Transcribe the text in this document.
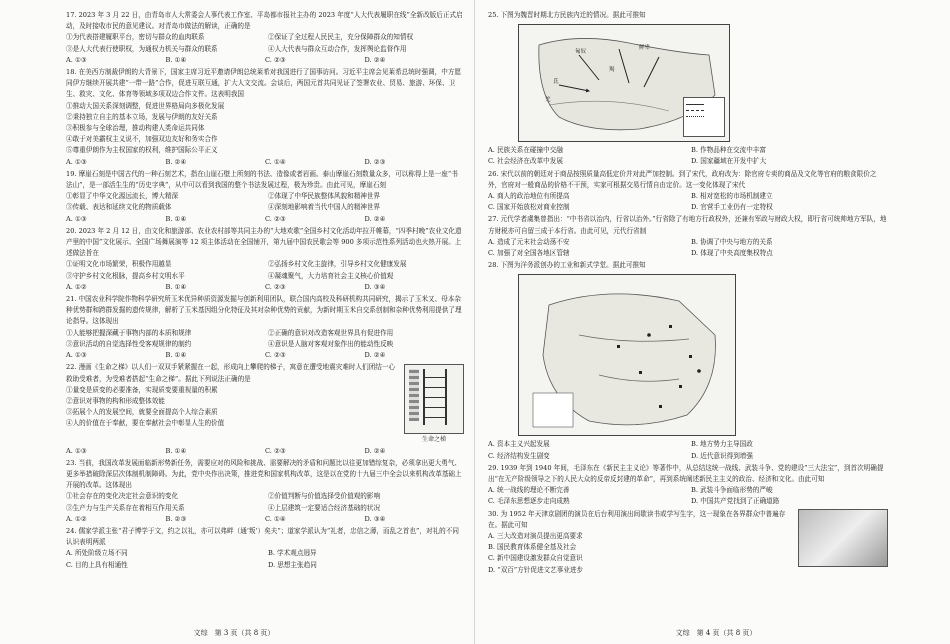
17. 2023 年 3 月 22 日，由青岛市人大常委会人事代表工作室、平岛都市报社主办的 2023 年度“人大代表履职在线”全新改版后正式启动，及时接收市民的意见建议。对青岛市做法的解读，正确的是
①为代表搭建履职平台，密切与群众的血肉联系	②保证了全过程人民民主，充分保障群众的知情权
③是人大代表行使职权，为通权力机关与群众的联系	④人大代表与群众互动合作，发挥舆论监督作用
A. ①③	B. ①④	C. ②③	D. ②④
18. 在美西方制裁伊朗的大背景下，国家主席习近平邀请伊朗总统莱希对我国进行了国事访问。习近平主席会见莱希总统时强调，中方愿同伊方继续开展共建“一带一路”合作，促进互联互通，扩大人文交流。会谈后，两国元首共同见证了签署农业、贸易、旅游、环保、卫生、救灾、文化、体育等领域多项双边合作文件。这表明我国
①推动大国关系深刻调整，促进世界格局向多极化发展
②秉持独立自主的基本立场，发展与伊朗的友好关系
③积极参与全球治理，推动构建人类命运共同体
④敢于对美霸权主义说不，加强双边友好和务实合作
⑤尊重伊朗作为主权国家的权利，维护国际公平正义
A. ①③	B. ②④	C. ①④	D. ②③
19. 摩崖石刻是中国古代的一种石刻艺术，指在山崖石壁上所刻的书法、造像或者岩画。泰山摩崖石刻数量众多，可以称得上是一座“书法山”，是一部活生生的“历史字典”，从中可以看到我国的整个书法发展过程，极为珍贵。由此可见，摩崖石刻
①彰显了中华文化源远流长，博大精深	②体现了中华民族整体风貌和精神世界
③传载、表达和延续文化的物质载体	④深刻地影响着当代中国人的精神世界
A. ①③	B. ①④	C. ②③	D. ②④
20. 2023 年 2 月 12 日，由文化和旅游部、农业农村部等共同主办的“大地欢歌”全国乡村文化活动年拉开帷幕，“四季村晚”农业文化遗产里的中国”文化展示、全国广场舞展演等 12 项主体活动在全国铺开，第九届中国农民歌会等 900 多项示范性系列活动也火热开展。上述做法旨在
①证明文化市场繁荣，积极作用越显	②弘扬乡村文化主旋律，引导乡村文化健康发展
③守护乡村文化根脉，提高乡村文明水平	④凝魂聚气，大力培育社会主义核心价值观
A. ①②	B. ①④	C. ②③	D. ③④
21. 中国农业科学院作物科学研究所玉米优异种质资源发掘与创新利用团队，联合国内高校及科研机构共同研究，揭示了玉米又、母本杂种优势群和跨群发掘的遗传规律，解析了玉米基因组分化特征及其对杂种优势的贡献，为新时期玉米自交系创制和杂种优势利用提供了理论指导。这体现出
①人能够把握深藏于事物内部的本质和规律	②正确的意识对改造客观世界具有促进作用
③意识活动的自觉选择性受客观规律的制约	④意识是人脑对客观对象作出的能动性反映
A. ①③	B. ①④	C. ②③	D. ②④
22. 漫画《生命之梯》以人们一双双手紧紧握在一起，形成向上攀爬的梯子，寓意在遭受地震灾难时人们团结一心救助受难者，为受难者搭起“生命之梯”。据此下列说法正确的是
①量变是质变的必要准备，实现质变要重视量的积累
②意识对事物的构和形成整体效能
③拓展个人的发展空间，就要全面提高个人综合素质
④人的价值在于奉献，要在奉献社会中彰显人生的价值
生命之梯
A. ①③	B. ①④	C. ②③	D. ②④
23. 当前，我国改革发展面临新形势新任务，需要应对的风险和挑战、需要解决的矛盾和问题比以往更加错综复杂，必须拿出更大勇气、更多举措破除深层次体制机制障碍。为此，党中央作出决策，推进党和国家机构改革，这是以在党的十九届三中全会以来机构改革基础上开展的改革。这体现出
①社会存在的变化决定社会意识的变化	②价值判断与价值选择受价值观的影响
③生产力与生产关系存在着相互作用关系	④上层建筑一定要适合经济基础的状况
A. ①②	B. ②③	C. ①④	D. ③④
24. 儒家学派主张“君子博学于文，约之以礼，亦可以弗畔（通‘叛’）矣夫”；道家学派认为“礼者，忠信之薄，而乱之首也”，对礼的不同认识表明两派
A. 所处阶级立场不同	B. 学术观点迥异
C. 目的上具有相通性	D. 思想主张趋同
文综　第 3 页（共 8 页）
25. 下图为魏晋时期北方民族内迁的情况。据此可推知
匈奴
鲜卑
羯
氐
羌
A. 民族关系在碰撞中交融	B. 作物品种在交流中丰富
C. 社会经济在改革中发展	D. 国家疆域在开发中扩大
26. 宋代以前的朝廷对于商品按照质量高低定价并对此严加控制。到了宋代，政府改为：除官府专卖的商品及文化等官府的粮食限价之外，官府对一般商品的价格不干预，实家可根据交易行情自由定价。这一变化体现了宋代
A. 商人的政治地位有所提高	B. 相对宽松的市场机制建立
C. 国家开始放松对商业控制	D. 官营手工业仍有一定特权
27. 元代学者虞集曾指出：“中书省以治内，行省以治外。”行省除了有地方行政权外，还兼有军政与财政大权，即行省可统帅地方军队，地方财税亦可自留三成于本行省。由此可见，元代行省制
A. 造成了元末社会动荡不安	B. 协调了中央与地方的关系
C. 加强了对全国各地区管辖	D. 体现了中央高度集权特点
28. 下图为洋务派创办的工业和新式学堂。据此可推知
A. 资本主义兴起发展	B. 地方势力主导国政
C. 经济结构发生剧变	D. 近代意识得到增强
29. 1939 年到 1940 年间，毛泽东在《新民主主义论》等著作中，从总结这统一战线、武装斗争、党的建设”三大法宝”，到首次明确提出”在无产阶级领导之下的人民大众的反帝反封建的革命”，再到系统阐述新民主主义的政治、经济和文化。由此可知
A. 统一战线的理论不断完善	B. 武装斗争面临形势的严峻
C. 毛泽东思想逐步走向成熟	D. 中国共产党找到了正确道路
30. 为 1952 年天津京剧团的演员在后台利用演出间歇读书或学写生字，这一现象在各界群众中普遍存在。据此可知
A. 三大改造对演员提出更高要求
B. 国民教育体系健全基及社会
C. 新中国建设激发群众自觉意识
D. “双百”方针促进文艺事业进步
文综　第 4 页（共 8 页）
